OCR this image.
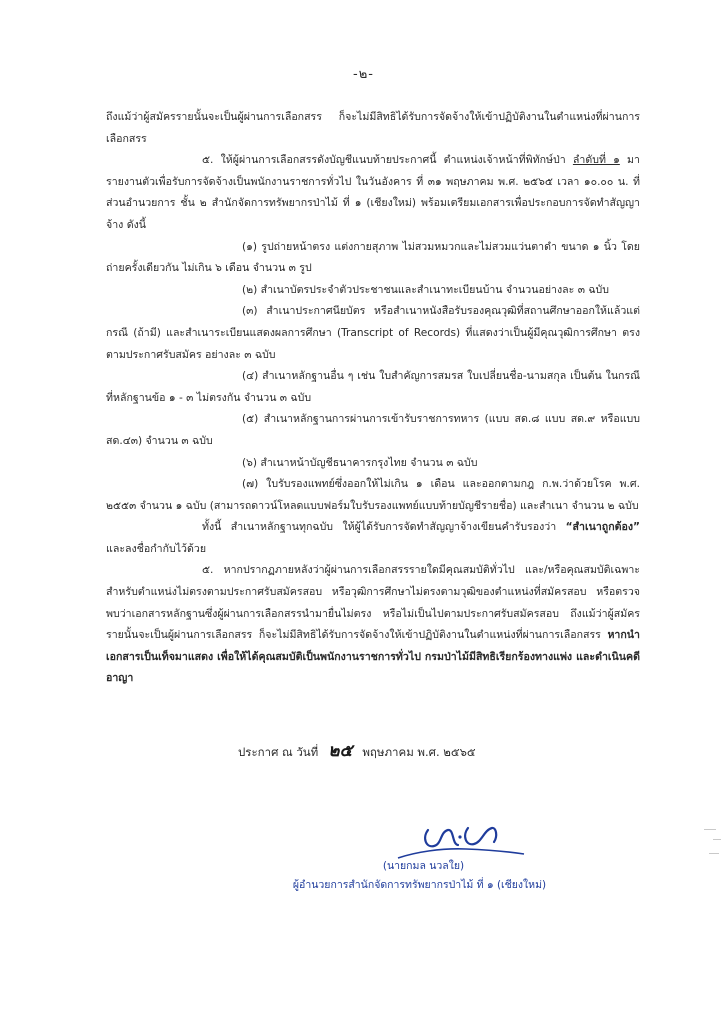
-๒-

ถึงแม้ว่าผู้สมัครรายนั้นจะเป็นผู้ผ่านการเลือกสรร ก็จะไม่มีสิทธิได้รับการจัดจ้างให้เข้าปฏิบัติงานในตำแหน่งที่ผ่านการเลือกสรร

๕. ให้ผู้ผ่านการเลือกสรรดังบัญชีแนบท้ายประกาศนี้ ตำแหน่งเจ้าหน้าที่พิทักษ์ป่า ลำดับที่ ๑ มารายงานตัวเพื่อรับการจัดจ้างเป็นพนักงานราชการทั่วไป ในวันอังคาร ที่ ๓๑ พฤษภาคม พ.ศ. ๒๕๖๕ เวลา ๑๐.๐๐ น. ที่ส่วนอำนวยการ ชั้น ๒ สำนักจัดการทรัพยากรป่าไม้ ที่ ๑ (เชียงใหม่) พร้อมเตรียมเอกสารเพื่อประกอบการจัดทำสัญญาจ้าง ดังนี้

(๑) รูปถ่ายหน้าตรง แต่งกายสุภาพ ไม่สวมหมวกและไม่สวมแว่นตาดำ ขนาด ๑ นิ้ว โดยถ่ายครั้งเดียวกัน ไม่เกิน ๖ เดือน จำนวน ๓ รูป

(๒) สำเนาบัตรประจำตัวประชาชนและสำเนาทะเบียนบ้าน จำนวนอย่างละ ๓ ฉบับ

(๓) สำเนาประกาศนียบัตร หรือสำเนาหนังสือรับรองคุณวุฒิที่สถานศึกษาออกให้แล้วแต่กรณี (ถ้ามี) และสำเนาระเบียนแสดงผลการศึกษา (Transcript of Records) ที่แสดงว่าเป็นผู้มีคุณวุฒิการศึกษา ตรงตามประกาศรับสมัคร อย่างละ ๓ ฉบับ

(๔) สำเนาหลักฐานอื่น ๆ เช่น ใบสำคัญการสมรส ใบเปลี่ยนชื่อ-นามสกุล เป็นต้น ในกรณีที่หลักฐานข้อ ๑ - ๓ ไม่ตรงกัน จำนวน ๓ ฉบับ

(๕) สำเนาหลักฐานการผ่านการเข้ารับราชการทหาร (แบบ สด.๘ แบบ สด.๙ หรือแบบ สด.๔๓) จำนวน ๓ ฉบับ

(๖) สำเนาหน้าบัญชีธนาคารกรุงไทย จำนวน ๓ ฉบับ

(๗) ใบรับรองแพทย์ซึ่งออกให้ไม่เกิน ๑ เดือน และออกตามกฎ ก.พ.ว่าด้วยโรค พ.ศ. ๒๕๕๓ จำนวน ๑ ฉบับ (สามารถดาวน์โหลดแบบฟอร์มใบรับรองแพทย์แบบท้ายบัญชีรายชื่อ) และสำเนา จำนวน ๒ ฉบับ

ทั้งนี้ สำเนาหลักฐานทุกฉบับ ให้ผู้ได้รับการจัดทำสัญญาจ้างเขียนคำรับรองว่า “สำเนาถูกต้อง” และลงชื่อกำกับไว้ด้วย

๕. หากปรากฏภายหลังว่าผู้ผ่านการเลือกสรรรายใดมีคุณสมบัติทั่วไป และ/หรือคุณสมบัติเฉพาะสำหรับตำแหน่งไม่ตรงตามประกาศรับสมัครสอบ หรือวุฒิการศึกษาไม่ตรงตามวุฒิของตำแหน่งที่สมัครสอบ หรือตรวจพบว่าเอกสารหลักฐานซึ่งผู้ผ่านการเลือกสรรนำมายื่นไม่ตรง หรือไม่เป็นไปตามประกาศรับสมัครสอบ ถึงแม้ว่าผู้สมัครรายนั้นจะเป็นผู้ผ่านการเลือกสรร ก็จะไม่มีสิทธิได้รับการจัดจ้างให้เข้าปฏิบัติงานในตำแหน่งที่ผ่านการเลือกสรร หากนำเอกสารเป็นเท็จมาแสดง เพื่อให้ได้คุณสมบัติเป็นพนักงานราชการทั่วไป กรมป่าไม้มีสิทธิเรียกร้องทางแพ่ง และดำเนินคดีอาญา

ประกาศ ณ วันที่ ๒๕ พฤษภาคม พ.ศ. ๒๕๖๕
(นายกมล นวลใย)
ผู้อำนวยการสำนักจัดการทรัพยากรป่าไม้ ที่ ๑ (เชียงใหม่)
